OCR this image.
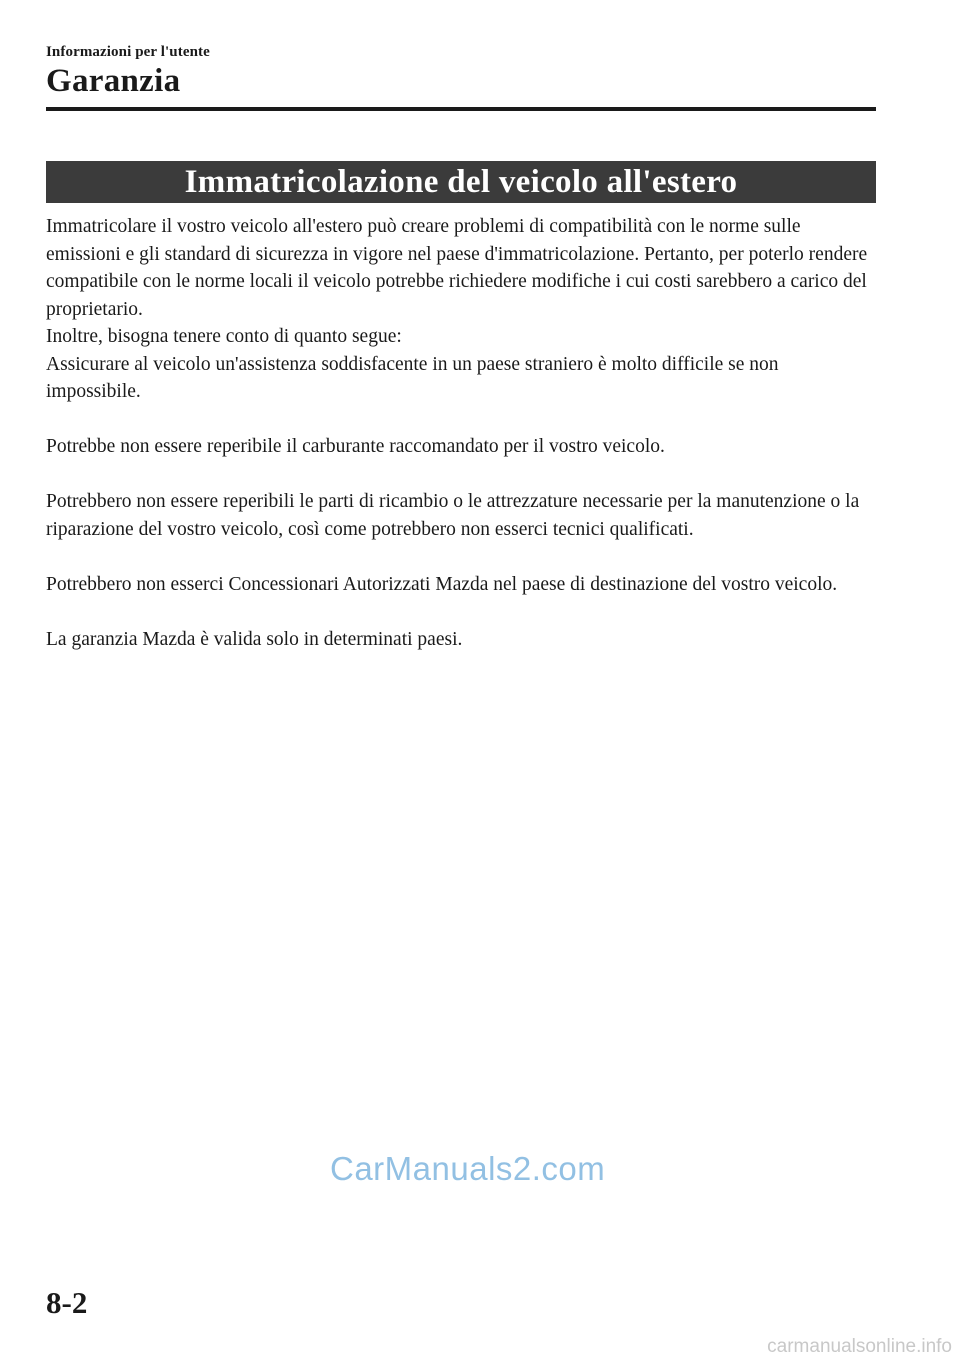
Informazioni per l'utente
Garanzia
Immatricolazione del veicolo all'estero

Immatricolare il vostro veicolo all'estero può creare problemi di compatibilità con le norme sulle emissioni e gli standard di sicurezza in vigore nel paese d'immatricolazione. Pertanto, per poterlo rendere compatibile con le norme locali il veicolo potrebbe richiedere modifiche i cui costi sarebbero a carico del proprietario.

Inoltre, bisogna tenere conto di quanto segue:

Assicurare al veicolo un'assistenza soddisfacente in un paese straniero è molto difficile se non impossibile.

Potrebbe non essere reperibile il carburante raccomandato per il vostro veicolo.

Potrebbero non essere reperibili le parti di ricambio o le attrezzature necessarie per la manutenzione o la riparazione del vostro veicolo, così come potrebbero non esserci tecnici qualificati.

Potrebbero non esserci Concessionari Autorizzati Mazda nel paese di destinazione del vostro veicolo.

La garanzia Mazda è valida solo in determinati paesi.

CarManuals2.com
8-2
carmanualsonline.info
